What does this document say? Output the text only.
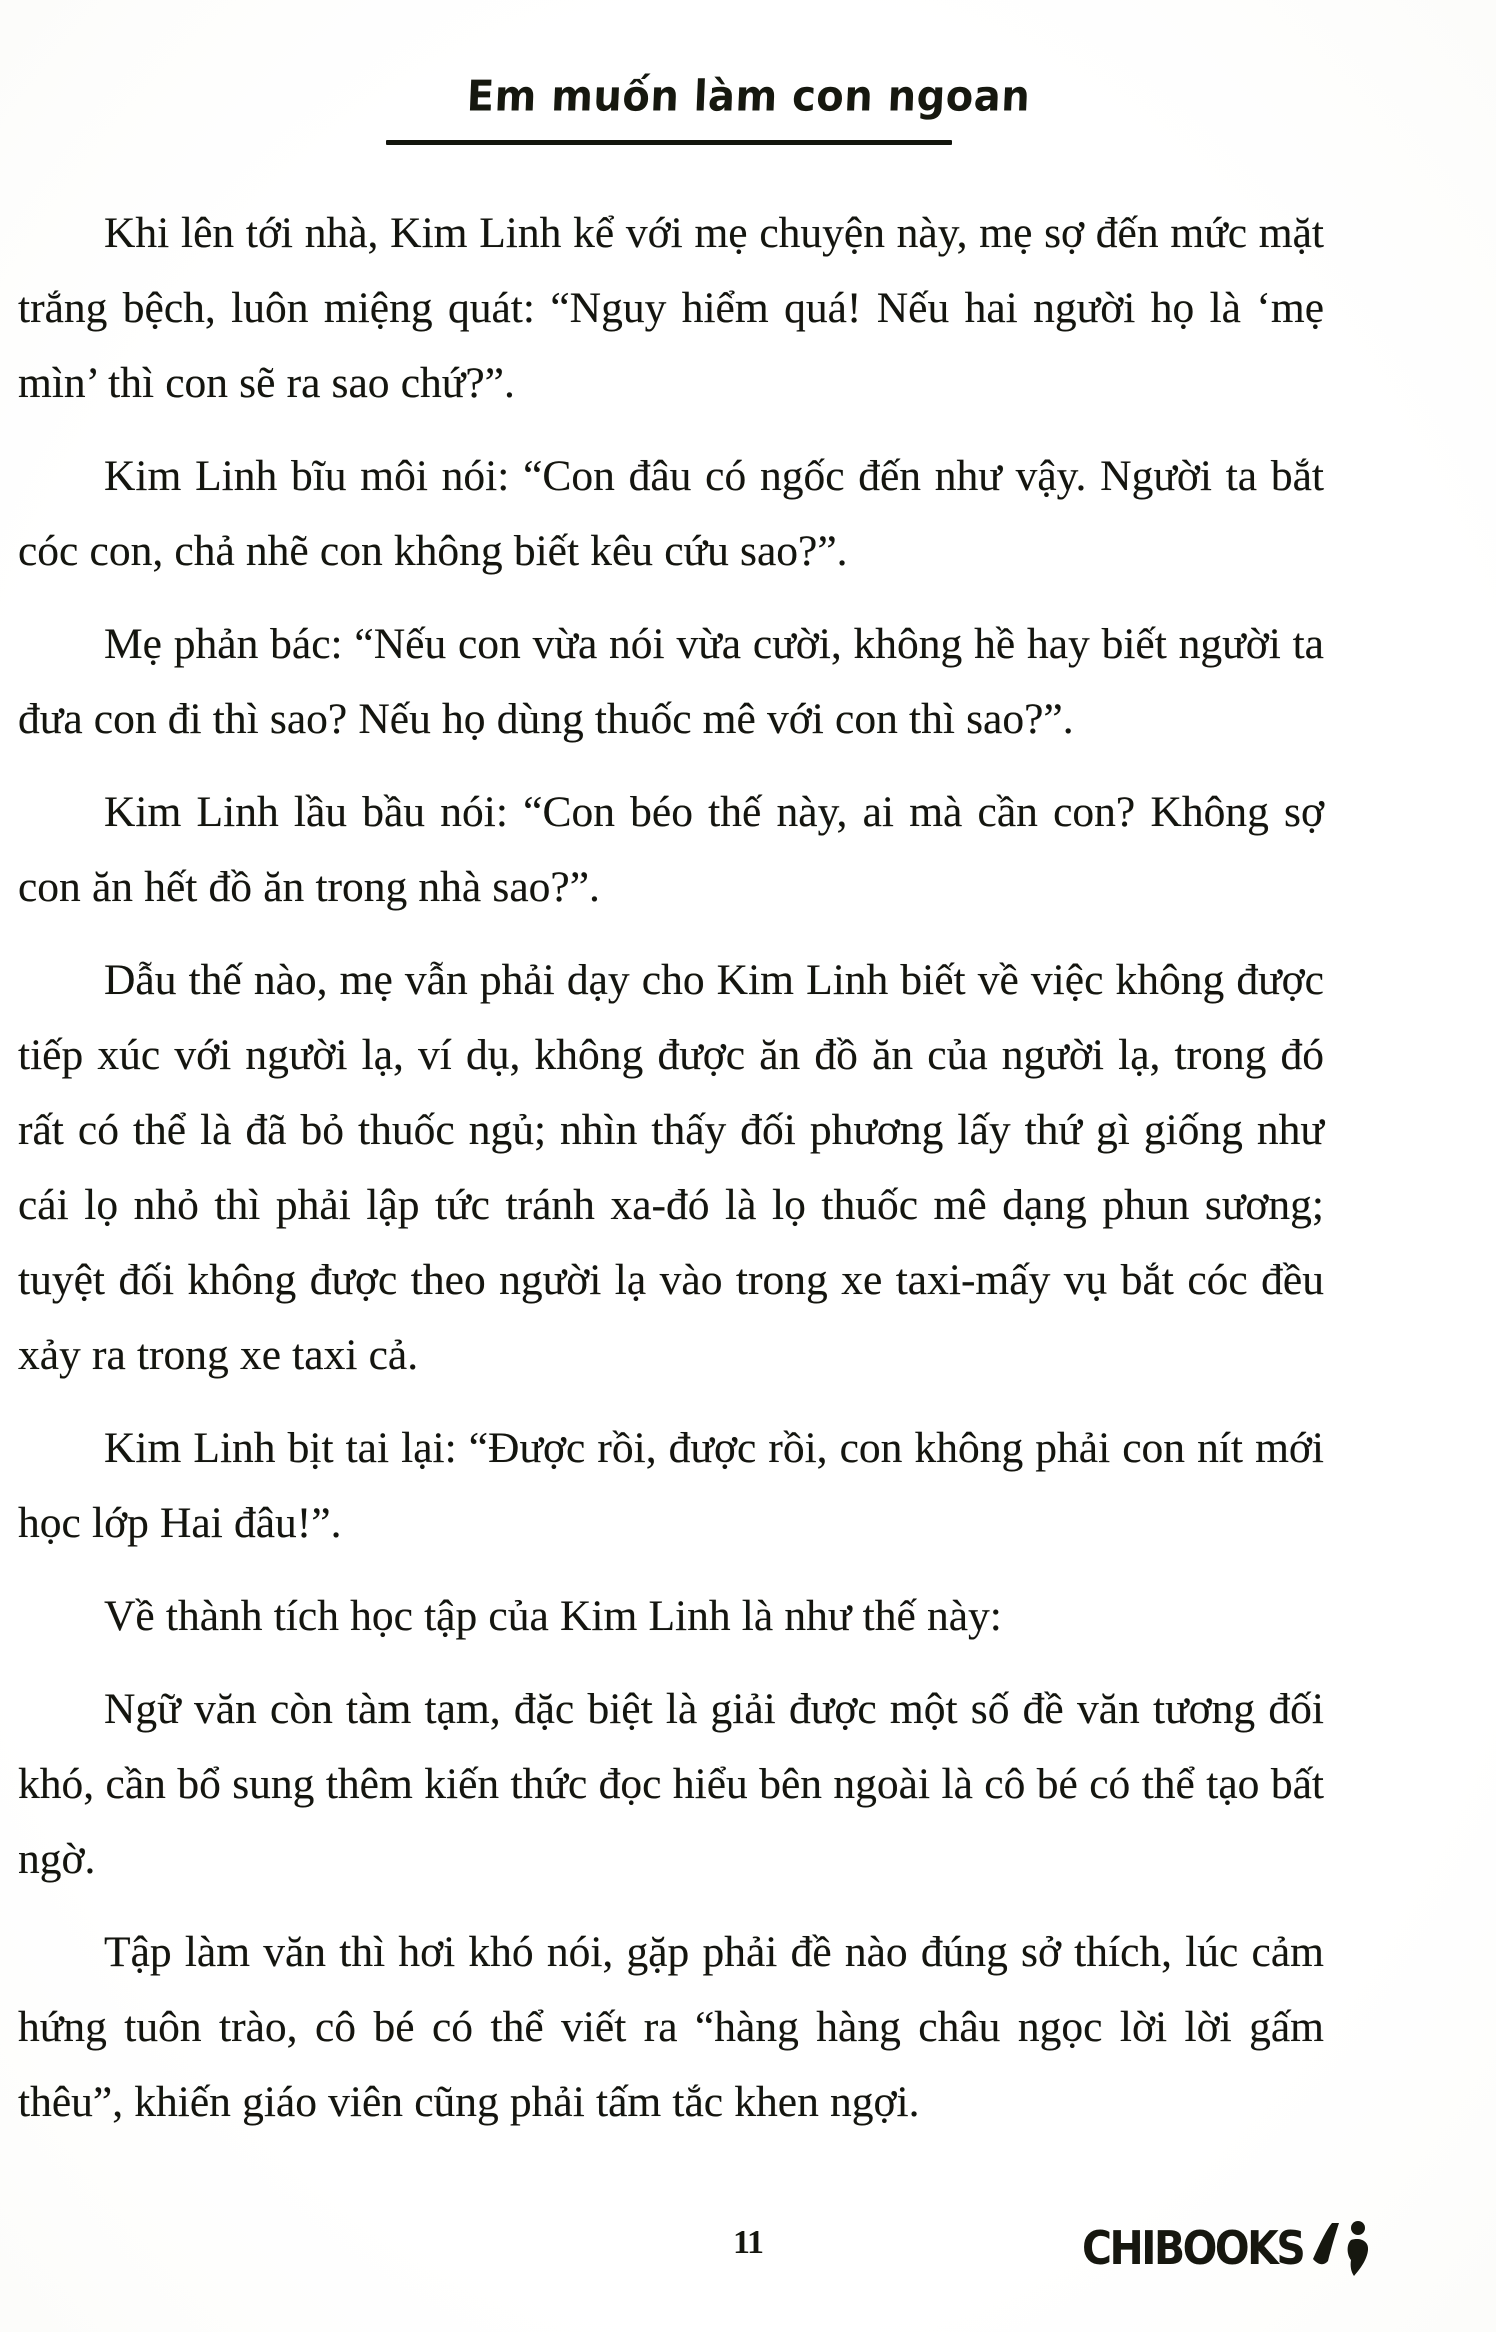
Em muốn làm con ngoan

Khi lên tới nhà, Kim Linh kể với mẹ chuyện này, mẹ sợ đến mức mặt trắng bệch, luôn miệng quát: “Nguy hiểm quá! Nếu hai người họ là ‘mẹ mìn’ thì con sẽ ra sao chứ?”.

Kim Linh bĩu môi nói: “Con đâu có ngốc đến như vậy. Người ta bắt cóc con, chả nhẽ con không biết kêu cứu sao?”.

Mẹ phản bác: “Nếu con vừa nói vừa cười, không hề hay biết người ta đưa con đi thì sao? Nếu họ dùng thuốc mê với con thì sao?”.

Kim Linh lầu bầu nói: “Con béo thế này, ai mà cần con? Không sợ con ăn hết đồ ăn trong nhà sao?”.

Dẫu thế nào, mẹ vẫn phải dạy cho Kim Linh biết về việc không được tiếp xúc với người lạ, ví dụ, không được ăn đồ ăn của người lạ, trong đó rất có thể là đã bỏ thuốc ngủ; nhìn thấy đối phương lấy thứ gì giống như cái lọ nhỏ thì phải lập tức tránh xa-đó là lọ thuốc mê dạng phun sương; tuyệt đối không được theo người lạ vào trong xe taxi-mấy vụ bắt cóc đều xảy ra trong xe taxi cả.

Kim Linh bịt tai lại: “Được rồi, được rồi, con không phải con nít mới học lớp Hai đâu!”.

Về thành tích học tập của Kim Linh là như thế này:

Ngữ văn còn tàm tạm, đặc biệt là giải được một số đề văn tương đối khó, cần bổ sung thêm kiến thức đọc hiểu bên ngoài là cô bé có thể tạo bất ngờ.

Tập làm văn thì hơi khó nói, gặp phải đề nào đúng sở thích, lúc cảm hứng tuôn trào, cô bé có thể viết ra “hàng hàng châu ngọc lời lời gấm thêu”, khiến giáo viên cũng phải tấm tắc khen ngợi.

11	CHIBOOKS
